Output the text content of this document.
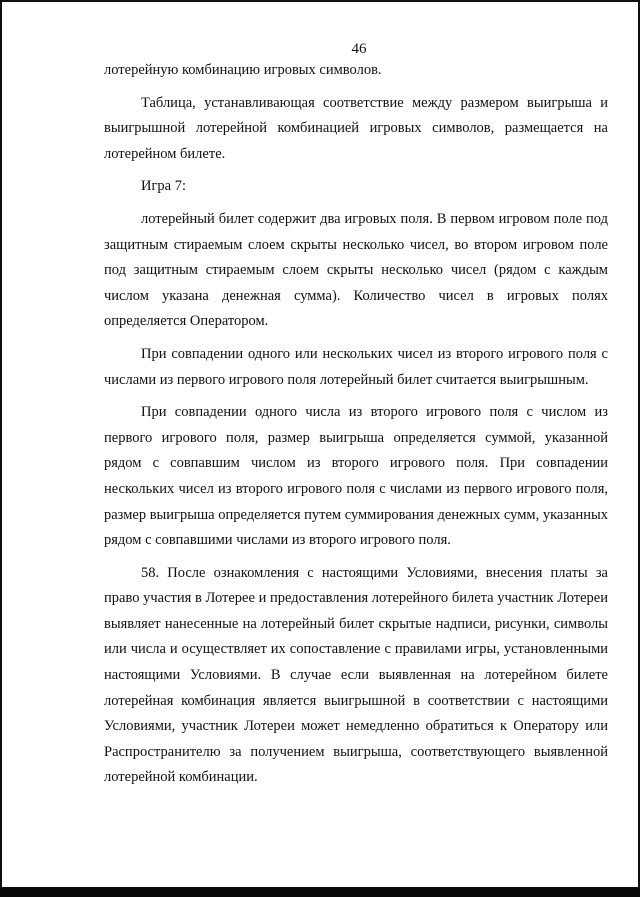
46

лотерейную комбинацию игровых символов.

Таблица, устанавливающая соответствие между размером выигрыша и выигрышной лотерейной комбинацией игровых символов, размещается на лотерейном билете.

Игра 7:

лотерейный билет содержит два игровых поля. В первом игровом поле под защитным стираемым слоем скрыты несколько чисел, во втором игровом поле под защитным стираемым слоем скрыты несколько чисел (рядом с каждым числом указана денежная сумма). Количество чисел в игровых полях определяется Оператором.

При совпадении одного или нескольких чисел из второго игрового поля с числами из первого игрового поля лотерейный билет считается выигрышным.

При совпадении одного числа из второго игрового поля с числом из первого игрового поля, размер выигрыша определяется суммой, указанной рядом с совпавшим числом из второго игрового поля. При совпадении нескольких чисел из второго игрового поля с числами из первого игрового поля, размер выигрыша определяется путем суммирования денежных сумм, указанных рядом с совпавшими числами из второго игрового поля.

58. После ознакомления с настоящими Условиями, внесения платы за право участия в Лотерее и предоставления лотерейного билета участник Лотереи выявляет нанесенные на лотерейный билет скрытые надписи, рисунки, символы или числа и осуществляет их сопоставление с правилами игры, установленными настоящими Условиями. В случае если выявленная на лотерейном билете лотерейная комбинация является выигрышной в соответствии с настоящими Условиями, участник Лотереи может немедленно обратиться к Оператору или Распространителю за получением выигрыша, соответствующего выявленной лотерейной комбинации.
